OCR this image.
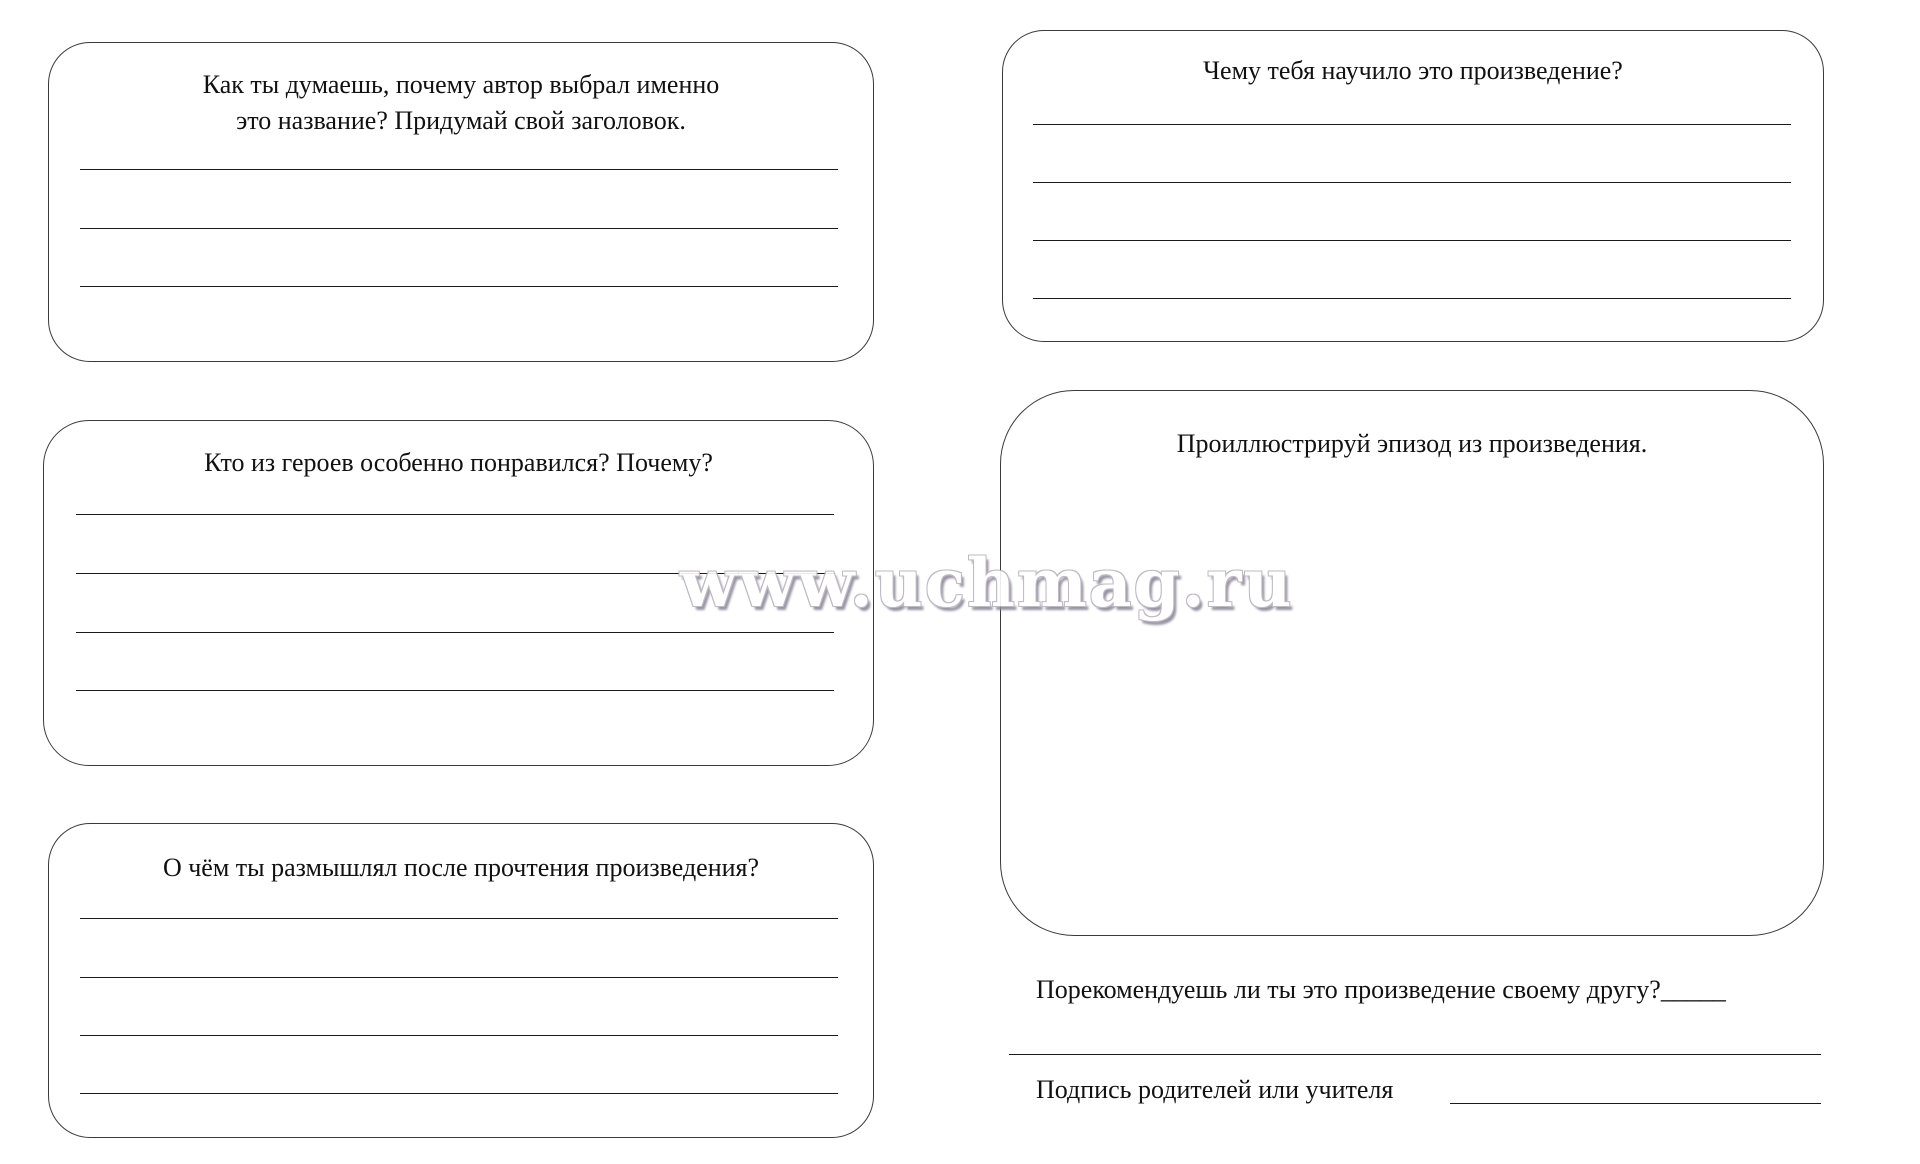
Как ты думаешь, почему автор выбрал именно
это название? Придумай свой заголовок.
Кто из героев особенно понравился? Почему?
О чём ты размышлял после прочтения произведения?
Чему тебя научило это произведение?
Проиллюстрируй эпизод из произведения.
Порекомендуешь ли ты это произведение своему другу?_____
Подпись родителей или учителя
www.uchmag.ru
